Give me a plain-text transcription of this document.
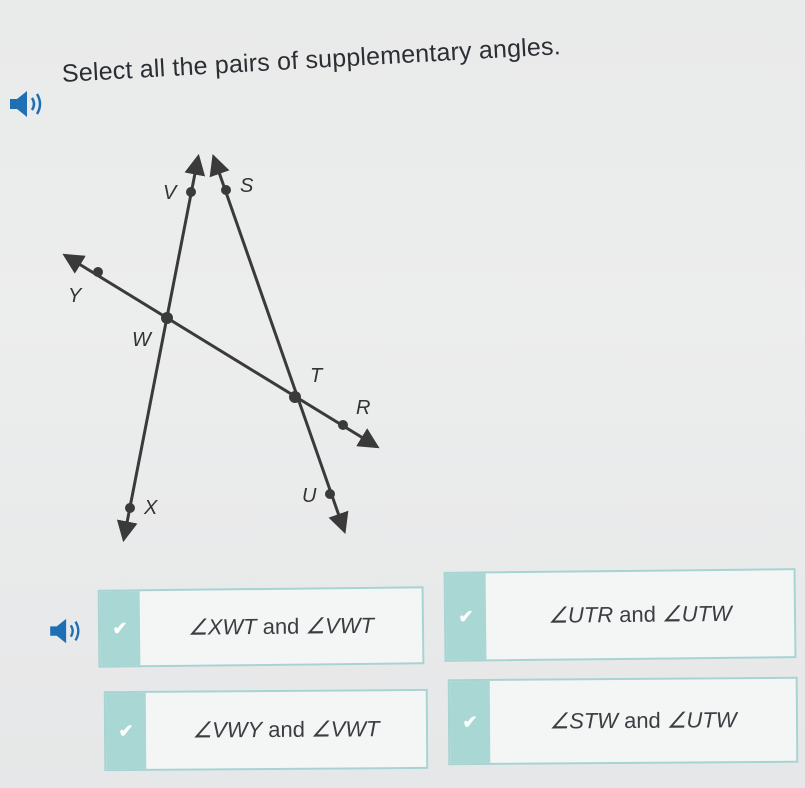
Select all the pairs of supplementary angles.
V	S
Y
W
T
R
X
U
✔	∠XWT and ∠VWT	✔	∠UTR and ∠UTW
✔	∠VWY and ∠VWT	✔	∠STW and ∠UTW
